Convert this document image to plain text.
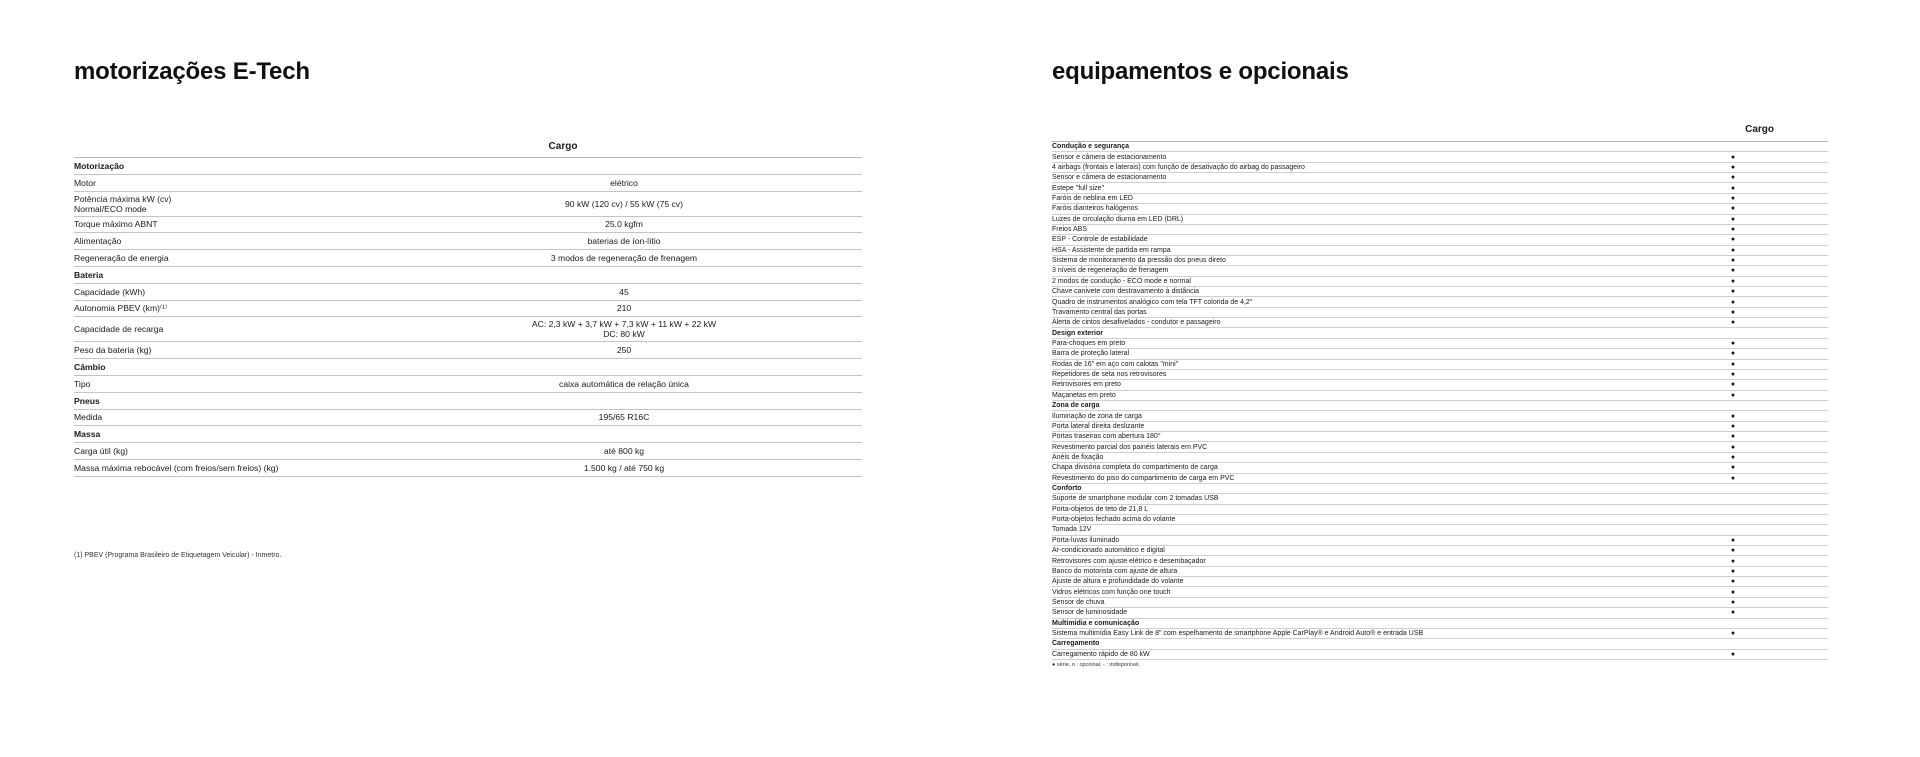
motorizações E-Tech
Cargo
Motorização
Motor	elétrico
Potência máxima kW (cv)
Normal/ECO mode	90 kW (120 cv) / 55 kW (75 cv)
Torque máximo ABNT	25,0 kgfm
Alimentação	baterias de íon-lítio
Regeneração de energia	3 modos de regeneração de frenagem
Bateria
Capacidade (kWh)	45
Autonomia PBEV (km)⁽¹⁾	210
Capacidade de recarga	AC: 2,3 kW + 3,7 kW + 7,3 kW + 11 kW + 22 kW
DC: 80 kW
Peso da bateria (kg)	250
Câmbio
Tipo	caixa automática de relação única
Pneus
Medida	195/65 R16C
Massa
Carga útil (kg)	até 800 kg
Massa máxima rebocável (com freios/sem freios) (kg)	1.500 kg / até 750 kg
(1) PBEV (Programa Brasileiro de Etiquetagem Veicular) - Inmetro.
equipamentos e opcionais
Cargo
Condução e segurança
Sensor e câmera de estacionamento	●
4 airbags (frontais e laterais) com função de desativação do airbag do passageiro	●
Sensor e câmera de estacionamento	●
Estepe "full size"	●
Faróis de neblina em LED	●
Faróis dianteiros halógenos	●
Luzes de circulação diurna em LED (DRL)	●
Freios ABS	●
ESP - Controle de estabilidade	●
HSA - Assistente de partida em rampa	●
Sistema de monitoramento da pressão dos pneus direto	●
3 níveis de regeneração de frenagem	●
2 modos de condução - ECO mode e normal	●
Chave canivete com destravamento à distância	●
Quadro de instrumentos analógico com tela TFT colorida de 4,2"	●
Travamento central das portas	●
Alerta de cintos desafivelados - condutor e passageiro	●
Design exterior
Para-choques em preto	●
Barra de proteção lateral	●
Rodas de 16" em aço com calotas "mini"	●
Repetidores de seta nos retrovisores	●
Retrovisores em preto	●
Maçanetas em preto	●
Zona de carga
Iluminação de zona de carga	●
Porta lateral direita deslizante	●
Portas traseiras com abertura 180°	●
Revestimento parcial dos painéis laterais em PVC	●
Anéis de fixação	●
Chapa divisória completa do compartimento de carga	●
Revestimento do piso do compartimento de carga em PVC	●
Conforto
Suporte de smartphone modular com 2 tomadas USB
Porta-objetos de teto de 21,8 L
Porta-objetos fechado acima do volante
Tomada 12V
Porta-luvas iluminado	●
Ar-condicionado automático e digital	●
Retrovisores com ajuste elétrico e desembaçador	●
Banco do motorista com ajuste de altura	●
Ajuste de altura e profundidade do volante	●
Vidros elétricos com função one touch	●
Sensor de chuva	●
Sensor de luminosidade	●
Multimídia e comunicação
Sistema multimídia Easy Link de 8" com espelhamento de smartphone Apple CarPlay® e Android Auto® e entrada USB	●
Carregamento
Carregamento rápido de 80 kW	●
● série. o : opcional. - : indisponível.
